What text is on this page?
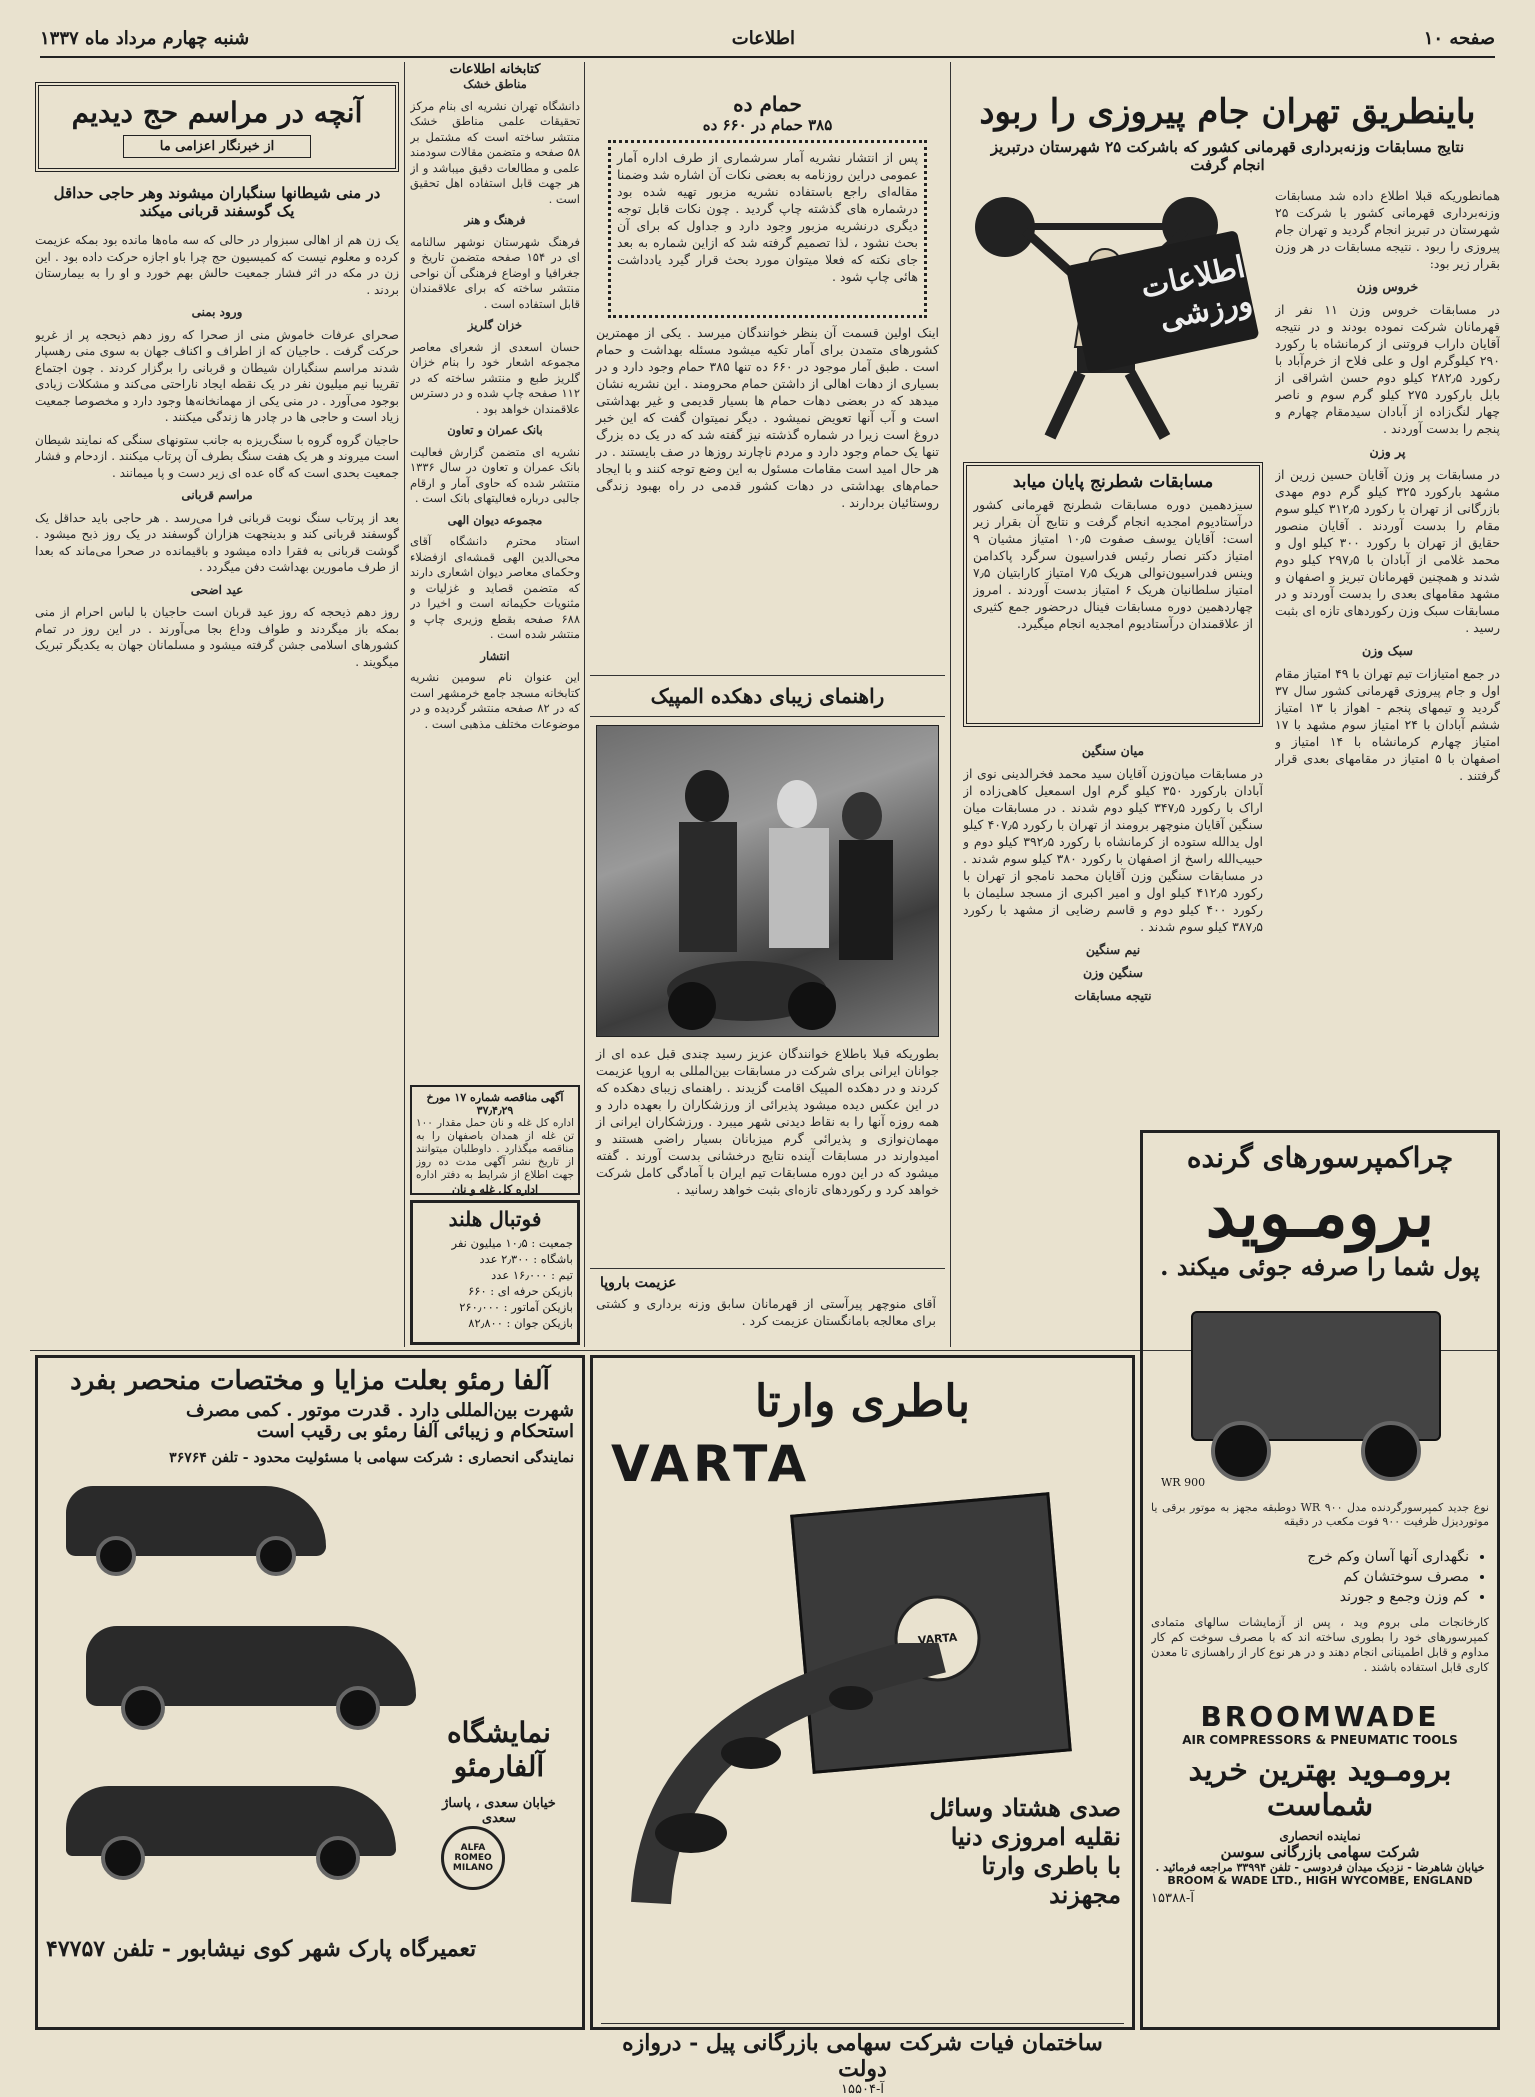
صفحه ۱۰
اطلاعات
شنبه چهارم مرداد ماه ۱۳۳۷
باینطریق تهران جام پیروزی را ربود
نتایج مسابقات وزنه‌برداری قهرمانی کشور که باشرکت ۲۵ شهرستان درتبریز انجام گرفت
اطلاعات ورزشی

همانطوریکه قبلا اطلاع داده شد مسابقات وزنه‌برداری قهرمانی کشور با شرکت ۲۵ شهرستان در تبریز انجام گردید و تهران جام پیروزی را ربود . نتیجه مسابقات در هر وزن بقرار زیر بود:

خروس وزن

در مسابقات خروس وزن ۱۱ نفر از قهرمانان شرکت نموده بودند و در نتیجه آقایان داراب فروتنی از کرمانشاه با رکورد ۲۹۰ کیلوگرم اول و علی‌ فلاح از خرم‌آباد با رکورد ۲۸۲٫۵ کیلو دوم حسن اشراقی از بابل بارکورد ۲۷۵ کیلو گرم سوم و ناصر چهار لنگ‌زاده از آبادان سیدمقام چهارم و پنجم را بدست آوردند .

پر وزن

در مسابقات پر وزن آقایان حسین زرین از مشهد بارکورد ۳۲۵ کیلو گرم دوم مهدی بازرگانی از تهران با رکورد ۳۱۲٫۵ کیلو سوم مقام را بدست آوردند . آقایان منصور حقایق از تهران با رکورد ۳۰۰ کیلو اول و محمد غلامی از آبادان با ۲۹۷٫۵ کیلو دوم شدند و همچنین قهرمانان تبریز و اصفهان و مشهد مقامهای بعدی را بدست آوردند و در مسابقات سبک وزن رکوردهای تازه ای بثبت رسید .

سبک وزن

در جمع امتیازات تیم تهران با ۴۹ امتیاز مقام اول و جام پیروزی قهرمانی کشور سال ۳۷ گردید و تیمهای پنجم - اهواز با ۱۳ امتیاز ششم آبادان با ۲۴ امتیاز سوم مشهد با ۱۷ امتیاز چهارم کرمانشاه با ۱۴ امتیاز و اصفهان با ۵ امتیاز در مقامهای بعدی قرار گرفتند .

مسابقات شطرنج پایان میابد
سیزدهمین دوره مسابقات شطرنج قهرمانی کشور درآستادیوم امجدیه انجام گرفت و نتایج آن بقرار زیر است: آقایان یوسف صفوت ۱۰٫۵ امتیاز مشیان ۹ امتیاز دکتر نصار رئیس فدراسیون سرگرد پاکدامن وینس فدراسیون‌نوالی هریک ۷٫۵ امتیاز کارابتیان ۷٫۵ امتیاز سلطانیان هریک ۶ امتیاز بدست آوردند . امروز چهاردهمین دوره مسابقات فینال درحضور جمع کثیری از علاقمندان درآستادیوم امجدیه انجام میگیرد.

میان سنگین

در مسابقات میان‌وزن آقایان سید محمد فخرالدینی نوی از آبادان بارکورد ۳۵۰ کیلو گرم اول اسمعیل کاهی‌زاده از اراک با رکورد ۳۴۷٫۵ کیلو دوم شدند . در مسابقات میان سنگین آقایان منوچهر برومند از تهران با رکورد ۴۰۷٫۵ کیلو اول یدالله ستوده از کرمانشاه با رکورد ۳۹۲٫۵ کیلو دوم و حبیب‌الله راسخ از اصفهان با رکورد ۳۸۰ کیلو سوم شدند . در مسابقات سنگین وزن آقایان محمد نامجو از تهران با رکورد ۴۱۲٫۵ کیلو اول و امیر اکبری از مسجد سلیمان با رکورد ۴۰۰ کیلو دوم و قاسم رضایی از مشهد با رکورد ۳۸۷٫۵ کیلو سوم شدند .

نیم سنگین

سنگین وزن

نتیجه مسابقات

حمام ده
۳۸۵ حمام در ۶۶۰ ده
پس از انتشار نشریه آمار سرشماری از طرف اداره آمار عمومی دراین روزنامه به بعضی نکات آن اشاره شد وضمنا مقاله‌ای راجع باستفاده نشریه مزبور تهیه شده بود درشماره های گذشته چاپ گردید . چون نکات قابل توجه دیگری درنشریه مزبور وجود دارد و جداول که برای آن بحث نشود ، لذا تصمیم گرفته شد که ازاین شماره به بعد جای نکته که فعلا میتوان مورد بحث قرار گیرد یادداشت هائی چاپ شود .
اینک اولین قسمت آن بنظر خوانندگان میرسد . یکی از مهمترین کشورهای متمدن برای آمار تکیه میشود مسئله بهداشت و حمام است . طبق آمار موجود در ۶۶۰ ده تنها ۳۸۵ حمام وجود دارد و در بسیاری از دهات اهالی از داشتن حمام محرومند . این نشریه نشان میدهد که در بعضی دهات حمام ها بسیار قدیمی و غیر بهداشتی است و آب آنها تعویض نمیشود . دیگر نمیتوان گفت که این خبر دروغ است زیرا در شماره گذشته نیز گفته شد که در یک ده بزرگ تنها یک حمام وجود دارد و مردم ناچارند روزها در صف بایستند . در هر حال امید است مقامات مسئول به این وضع توجه کنند و با ایجاد حمام‌های بهداشتی در دهات کشور قدمی در راه بهبود زندگی روستائیان بردارند .
راهنمای زیبای دهکده المپیک
بطوریکه قبلا باطلاع خوانندگان عزیز رسید چندی قبل عده ای از جوانان ایرانی برای شرکت در مسابقات بین‌المللی به اروپا عزیمت کردند و در دهکده المپیک اقامت گزیدند . راهنمای زیبای دهکده که در این عکس دیده میشود پذیرائی از ورزشکاران را بعهده دارد و همه روزه آنها را به نقاط دیدنی شهر میبرد . ورزشکاران ایرانی از مهمان‌نوازی و پذیرائی گرم میزبانان بسیار راضی هستند و امیدوارند در مسابقات آینده نتایج درخشانی بدست آورند . گفته میشود که در این دوره مسابقات تیم ایران با آمادگی کامل شرکت خواهد کرد و رکوردهای تازه‌ای بثبت خواهد رسانید .
عزیمت باروپا
آقای منوچهر پیرآستی از قهرمانان سابق وزنه برداری و کشتی برای معالجه بامانگستان عزیمت کرد .
کتابخانه اطلاعات

مناطق خشک

دانشگاه تهران نشریه ای بنام مرکز تحقیقات علمی مناطق خشک منتشر ساخته است که مشتمل بر ۵۸ صفحه و متضمن مقالات سودمند علمی و مطالعات دقیق میباشد و از هر جهت قابل استفاده اهل تحقیق است .

فرهنگ و هنر

فرهنگ شهرستان نوشهر سالنامه ای در ۱۵۴ صفحه متضمن تاریخ و جغرافیا و اوضاع فرهنگی آن نواحی منتشر ساخته که برای علاقمندان قابل استفاده است .

خزان گلریز

حسان اسعدی از شعرای معاصر مجموعه اشعار خود را بنام خزان گلریز طبع و منتشر ساخته که در ۱۱۲ صفحه چاپ شده و در دسترس علاقمندان خواهد بود .

بانک عمران و تعاون

نشریه ای متضمن گزارش فعالیت بانک عمران و تعاون در سال ۱۳۳۶ منتشر شده که حاوی آمار و ارقام جالبی درباره فعالیتهای بانک است .

مجموعه دیوان الهی

استاد محترم دانشگاه آقای محی‌الدین الهی قمشه‌ای ازفضلاء وحکمای معاصر دیوان اشعاری دارند که متضمن قصاید و غزلیات و مثنویات حکیمانه است و اخیرا در ۶۸۸ صفحه بقطع وزیری چاپ و منتشر شده است .

انتشار

این عنوان نام سومین نشریه کتابخانه مسجد جامع خرمشهر است که در ۸۲ صفحه منتشر گردیده و در موضوعات مختلف مذهبی است .

آگهی مناقصه شماره ۱۷ مورخ ۳۷٫۴٫۲۹
اداره کل غله و نان حمل مقدار ۱۰۰ تن غله از همدان باصفهان را به مناقصه میگذارد . داوطلبان میتوانند از تاریخ نشر آگهی مدت ده روز جهت اطلاع از شرایط به دفتر اداره
اداره کل غله و نان
فوتبال هلند
جمعیت : ۱۰٫۵ میلیون نفر
باشگاه : ۲٫۳۰۰ عدد
تیم : ۱۶٫۰۰۰ عدد
بازیکن حرفه ای : ۶۶۰
بازیکن آماتور : ۲۶۰٫۰۰۰
بازیکن جوان : ۸۲٫۸۰۰
آنچه در مراسم حج دیدیم
از خبرنگار اعزامی ما
در منی شیطانها سنگباران میشوند وهر حاجی حداقل یک گوسفند قربانی میکند

یک زن هم از اهالی سبزوار در حالی که سه ماه‌ها مانده بود بمکه عزیمت کرده و معلوم نیست که کمیسیون حج چرا باو اجازه حرکت داده بود . این زن در مکه در اثر فشار جمعیت حالش بهم خورد و او را به بیمارستان بردند .

ورود بمنی

صحرای عرفات خاموش منی از صحرا که روز دهم ذیحجه پر از غریو حرکت گرفت . حاجیان که از اطراف و اکناف جهان به سوی منی رهسپار شدند مراسم سنگباران شیطان و قربانی را برگزار کردند . چون اجتماع تقریبا نیم میلیون نفر در یک نقطه ایجاد ناراحتی می‌کند و مشکلات زیادی بوجود می‌آورد . در منی یکی از مهمانخانه‌ها وجود دارد و مخصوصا جمعیت زیاد است و حاجی ها در چادر ها زندگی میکنند .

حاجیان گروه گروه با سنگ‌ریزه به جانب ستونهای سنگی که نمایند شیطان است میروند و هر یک هفت سنگ بطرف آن پرتاب میکنند . ازدحام و فشار جمعیت بحدی است که گاه عده ای زیر دست و پا میمانند .

مراسم قربانی

بعد از پرتاب سنگ نوبت قربانی فرا می‌رسد . هر حاجی باید حداقل یک گوسفند قربانی کند و بدینجهت هزاران گوسفند در یک روز ذبح میشود . گوشت قربانی به فقرا داده میشود و باقیمانده در صحرا می‌ماند که بعدا از طرف مامورین بهداشت دفن میگردد .

عید اضحی

روز دهم ذیحجه که روز عید قربان است حاجیان با لباس احرام از منی بمکه باز میگردند و طواف وداع بجا می‌آورند . در این روز در تمام کشورهای اسلامی جشن گرفته میشود و مسلمانان جهان به یکدیگر تبریک میگویند .

چراکمپرسورهای گرنده
برومـوید
پول شما را صرفه جوئی میکند .
WR 900
نوع جدید کمپرسورگردنده مدل ۹۰۰ WR دوطبقه مجهز به موتور برقی یا موتوردیزل ظرفیت ۹۰۰ فوت مکعب در دقیقه
• نگهداری آنها آسان وکم خرج
• مصرف سوختشان کم
• کم وزن وجمع و جورند
کارخانجات ملی بروم وید ، پس از آزمایشات سالهای متمادی کمپرسورهای خود را بطوری ساخته اند که با مصرف سوخت کم کار مداوم و قابل اطمینانی انجام دهند و در هر نوع کار از راهسازی تا معدن کاری قابل استفاده باشند .
BROOMWADE
AIR COMPRESSORS & PNEUMATIC TOOLS
برومـوید بهترین خرید شماست
نماینده انحصاری
شرکت سهامی بازرگانی سوسن
خیابان شاهرضا - نزدیک میدان فردوسی - تلفن ۳۳۹۹۴ مراجعه فرمائید .
BROOM & WADE LTD., HIGH WYCOMBE, ENGLAND
آ-۱۵۳۸۸
باطری وارتا
VARTA
VARTA
صدی هشتاد وسائل
نقلیه امروزی دنیا
با باطری وارتا
مجهزند
ساختمان فیات شرکت سهامی بازرگانی پیل - دروازه دولت
آ-۱۵۵۰۴
آلفا رمئو بعلت مزایا و مختصات منحصر بفرد
شهرت بین‌المللی دارد . قدرت موتور . کمی مصرف
استحکام و زیبائی آلفا رمئو بی رقیب است
نمایندگی انحصاری : شرکت سهامی با مسئولیت محدود - تلفن ۳۶۷۶۴
نمایشگاه آلفارمئو
خیابان سعدی ، پاساژ سعدی
ALFA ROMEO MILANO
تعمیرگاه پارک شهر کوی نیشابور - تلفن ۴۷۷۵۷
